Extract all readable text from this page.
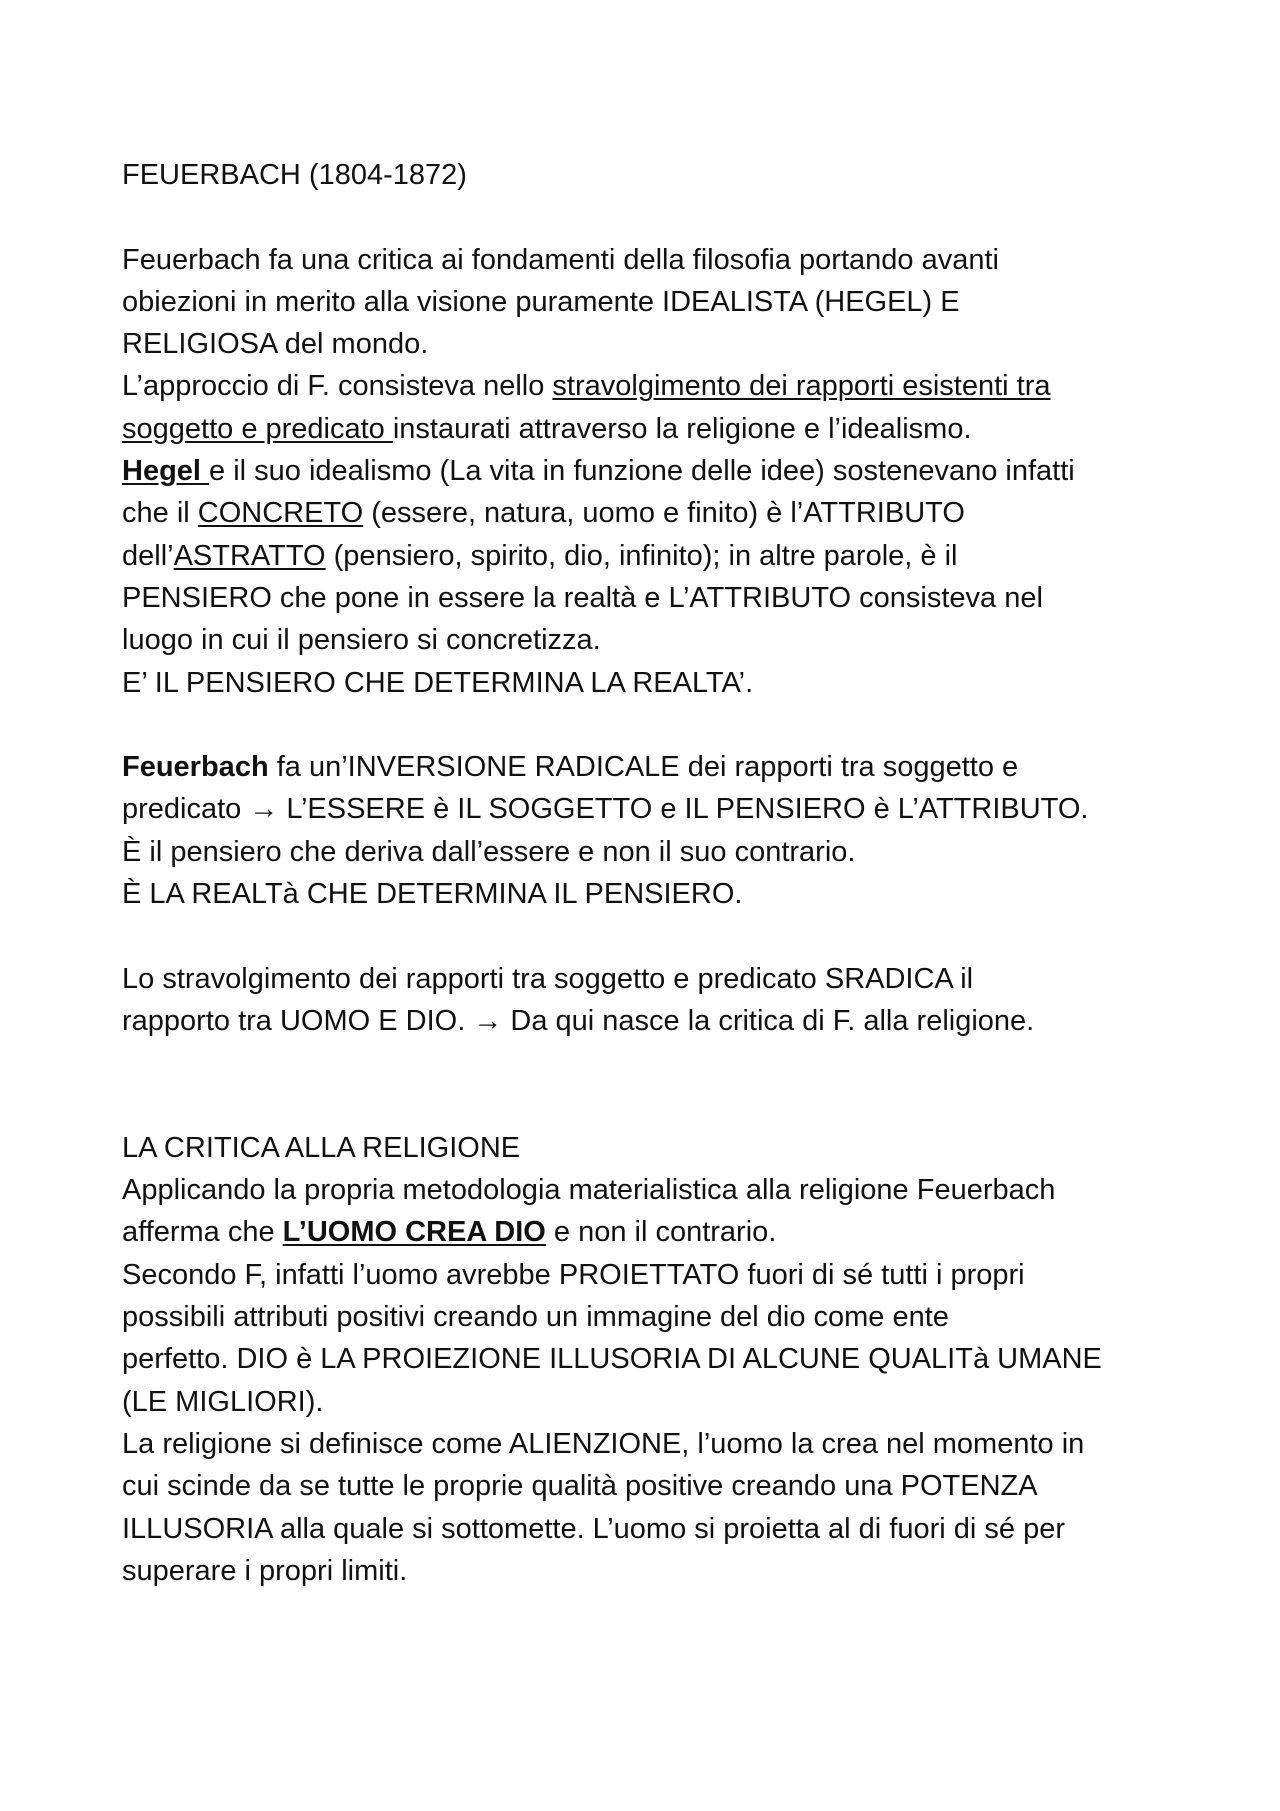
FEUERBACH (1804-1872)
Feuerbach fa una critica ai fondamenti della filosofia portando avanti
obiezioni in merito alla visione puramente IDEALISTA (HEGEL) E
RELIGIOSA del mondo.
L’approccio di F. consisteva nello stravolgimento dei rapporti esistenti tra
soggetto e predicato instaurati attraverso la religione e l’idealismo.
Hegel e il suo idealismo (La vita in funzione delle idee) sostenevano infatti
che il CONCRETO (essere, natura, uomo e finito) è l’ATTRIBUTO
dell’ASTRATTO (pensiero, spirito, dio, infinito); in altre parole, è il
PENSIERO che pone in essere la realtà e L’ATTRIBUTO consisteva nel
luogo in cui il pensiero si concretizza.
E’ IL PENSIERO CHE DETERMINA LA REALTA’.
Feuerbach fa un’INVERSIONE RADICALE dei rapporti tra soggetto e
predicato → L’ESSERE è IL SOGGETTO e IL PENSIERO è L’ATTRIBUTO.
È il pensiero che deriva dall’essere e non il suo contrario.
È LA REALTà CHE DETERMINA IL PENSIERO.
Lo stravolgimento dei rapporti tra soggetto e predicato SRADICA il
rapporto tra UOMO E DIO. → Da qui nasce la critica di F. alla religione.
LA CRITICA ALLA RELIGIONE
Applicando la propria metodologia materialistica alla religione Feuerbach
afferma che L’UOMO CREA DIO e non il contrario.
Secondo F, infatti l’uomo avrebbe PROIETTATO fuori di sé tutti i propri
possibili attributi positivi creando un immagine del dio come ente
perfetto. DIO è LA PROIEZIONE ILLUSORIA DI ALCUNE QUALITà UMANE
(LE MIGLIORI).
La religione si definisce come ALIENZIONE, l’uomo la crea nel momento in
cui scinde da se tutte le proprie qualità positive creando una POTENZA
ILLUSORIA alla quale si sottomette. L’uomo si proietta al di fuori di sé per
superare i propri limiti.
